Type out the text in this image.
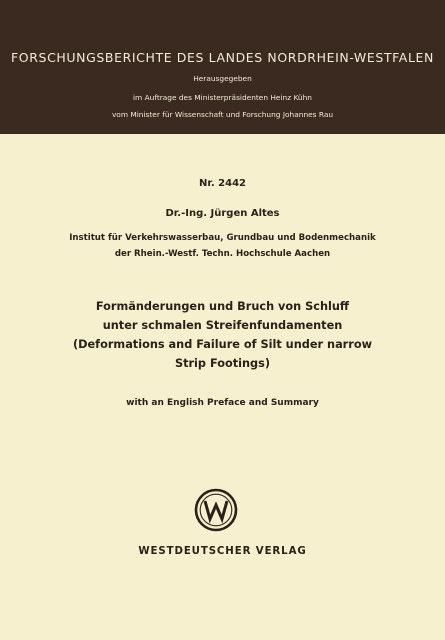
FORSCHUNGSBERICHTE DES LANDES NORDRHEIN-WESTFALEN
Herausgegeben
im Auftrage des Ministerpräsidenten Heinz Kühn
vom Minister für Wissenschaft und Forschung Johannes Rau
Nr. 2442
Dr.-Ing. Jürgen Altes
Institut für Verkehrswasserbau, Grundbau und Bodenmechanik
der Rhein.-Westf. Techn. Hochschule Aachen
Formänderungen und Bruch von Schluff
unter schmalen Streifenfundamenten
(Deformations and Failure of Silt under narrow
Strip Footings)
with an English Preface and Summary
WESTDEUTSCHER VERLAG
